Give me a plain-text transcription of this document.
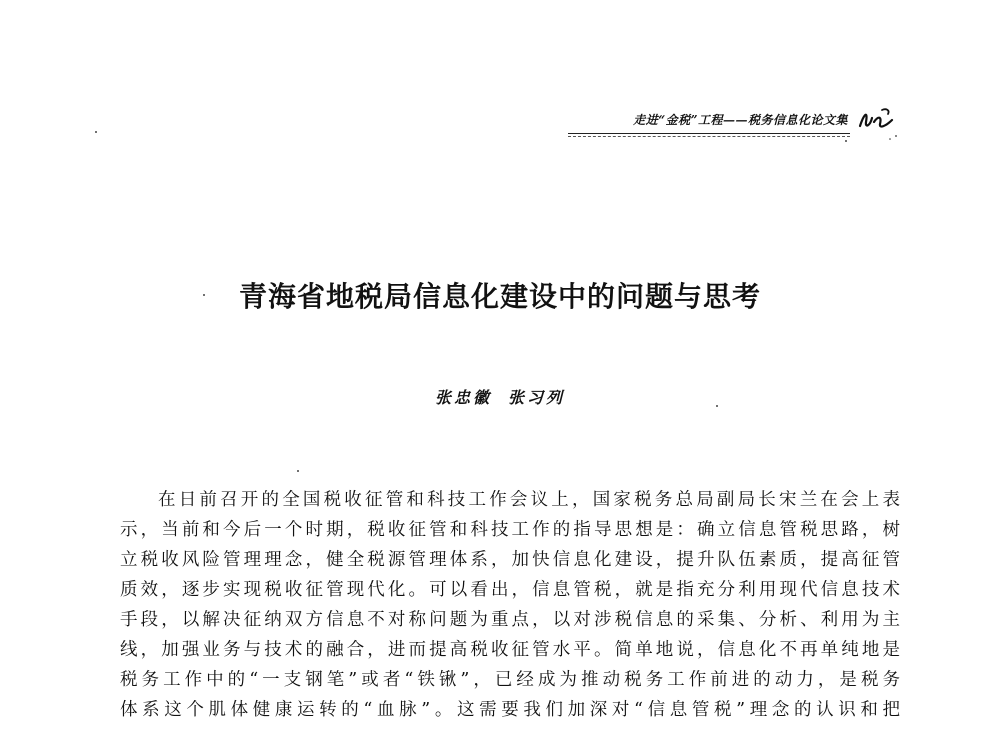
走进“金税”工程——税务信息化论文集
青海省地税局信息化建设中的问题与思考
张忠徽 张习列
在日前召开的全国税收征管和科技工作会议上，国家税务总局副局长宋兰在会上表
示，当前和今后一个时期，税收征管和科技工作的指导思想是：确立信息管税思路，树
立税收风险管理理念，健全税源管理体系，加快信息化建设，提升队伍素质，提高征管
质效，逐步实现税收征管现代化。可以看出，信息管税，就是指充分利用现代信息技术
手段，以解决征纳双方信息不对称问题为重点，以对涉税信息的采集、分析、利用为主
线，加强业务与技术的融合，进而提高税收征管水平。简单地说，信息化不再单纯地是
税务工作中的“一支钢笔”或者“铁锹”，已经成为推动税务工作前进的动力，是税务
体系这个肌体健康运转的“血脉”。这需要我们加深对“信息管税”理念的认识和把
